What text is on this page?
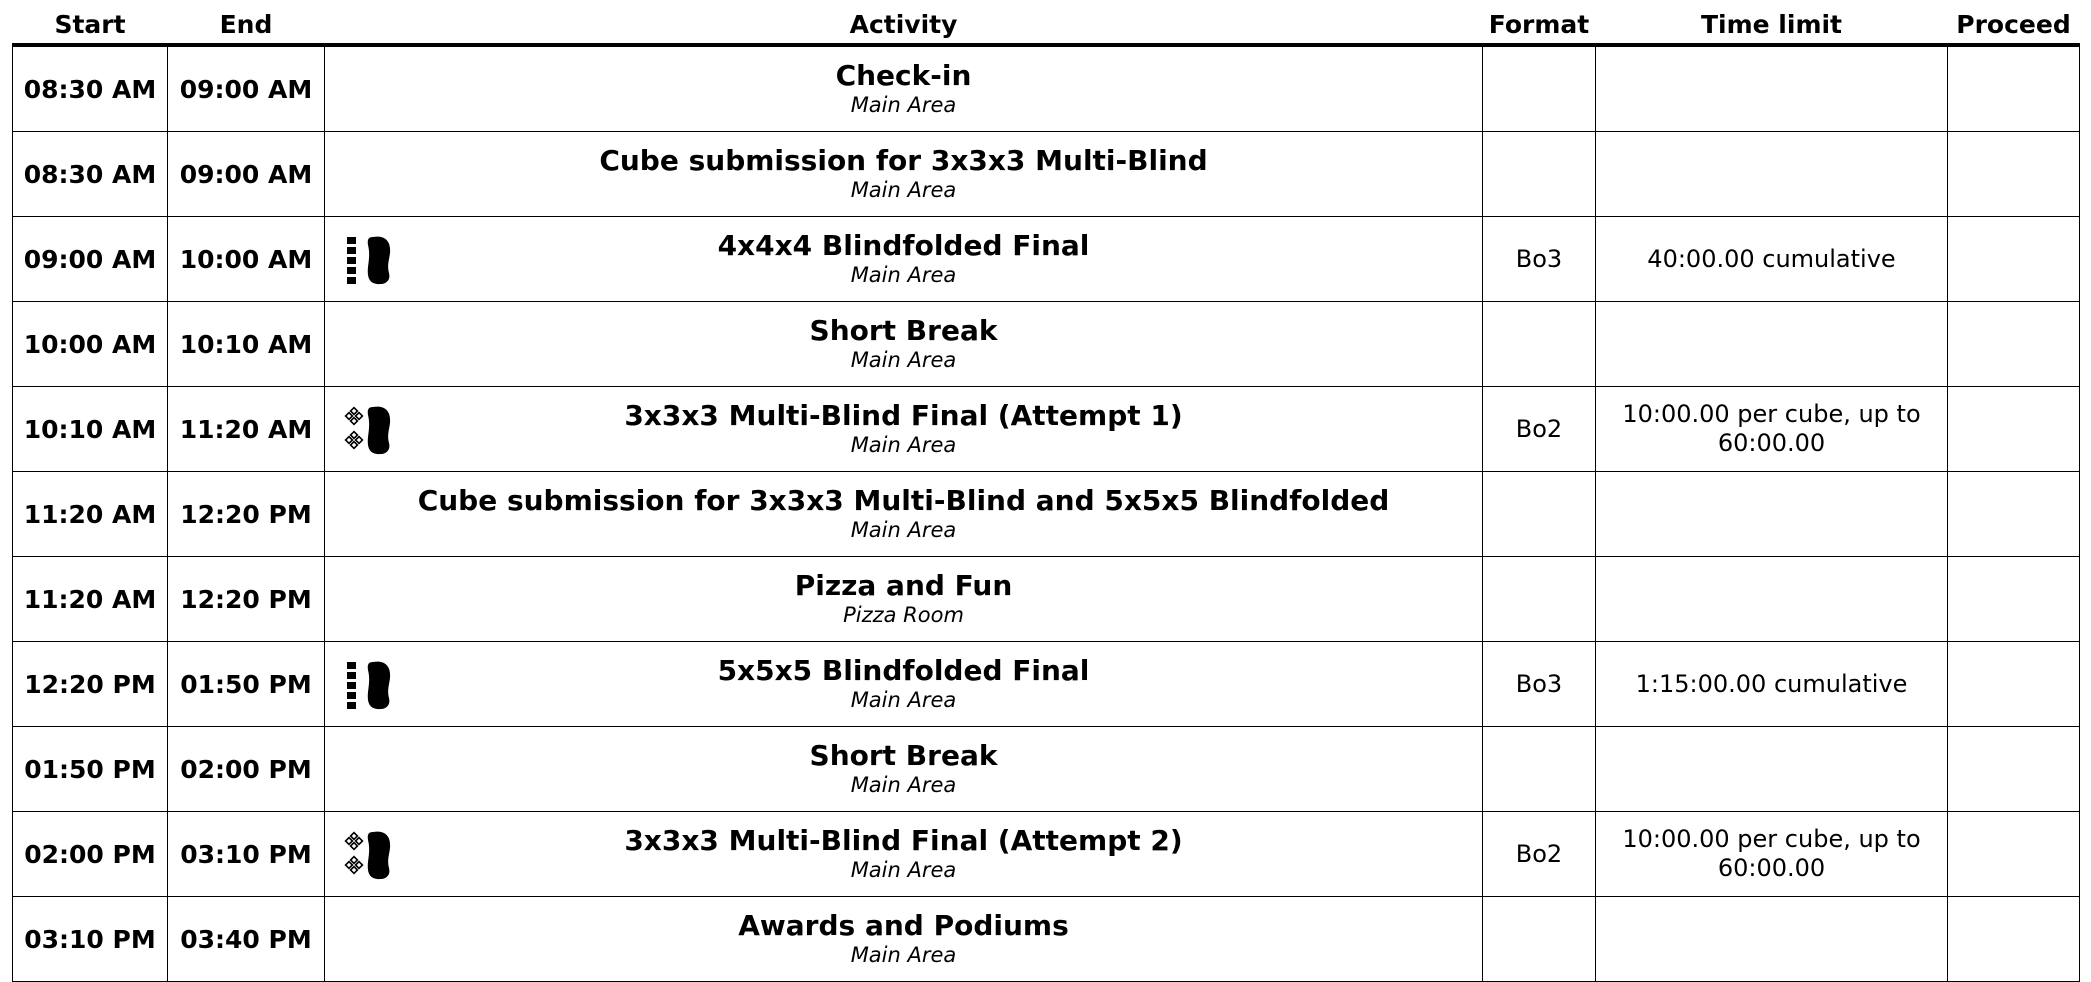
Start	End	Activity	Format	Time limit	Proceed
08:30 AM	09:00 AM	Check-in
Main Area			

08:30 AM	09:00 AM	Cube submission for 3x3x3 Multi-Blind
Main Area			

09:00 AM	10:00 AM	4x4x4 Blindfolded Final
Main Area	Bo3	40:00.00 cumulative	
10:00 AM	10:10 AM	Short Break
Main Area			

10:10 AM	11:20 AM	3x3x3 Multi-Blind Final (Attempt 1)
Main Area	Bo2	10:00.00 per cube, up to 60:00.00	
11:20 AM	12:20 PM	Cube submission for 3x3x3 Multi-Blind and 5x5x5 Blindfolded
Main Area			

11:20 AM	12:20 PM	Pizza and Fun
Pizza Room			

12:20 PM	01:50 PM	5x5x5 Blindfolded Final
Main Area	Bo3	1:15:00.00 cumulative	
01:50 PM	02:00 PM	Short Break
Main Area			

02:00 PM	03:10 PM	3x3x3 Multi-Blind Final (Attempt 2)
Main Area	Bo2	10:00.00 per cube, up to 60:00.00	
03:10 PM	03:40 PM	Awards and Podiums
Main Area			
